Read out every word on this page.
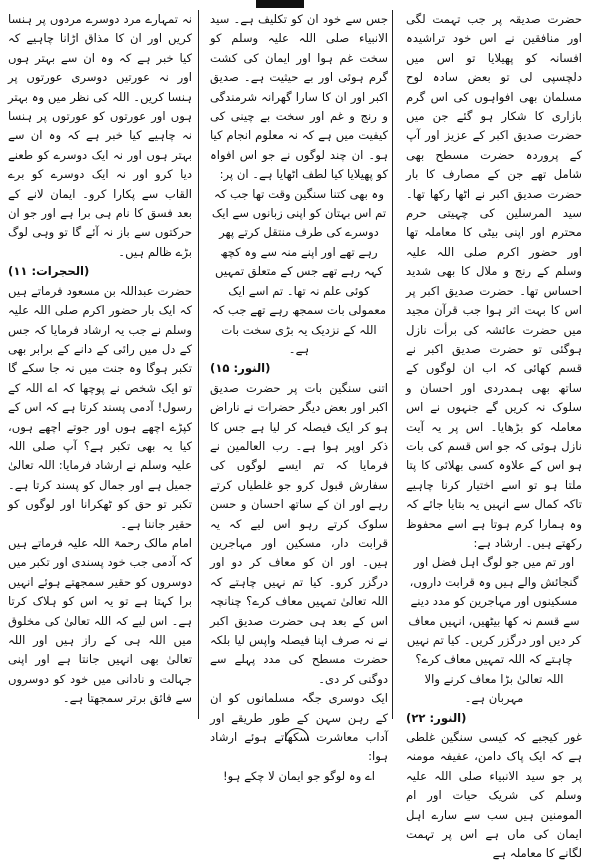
حضرت صدیقہ پر جب تہمت لگی اور منافقین نے اس خود تراشیدہ افسانہ کو پھیلایا تو اس میں دلچسپی لی تو بعض سادہ لوح مسلمان بھی افواہوں کی اس گرم بازاری کا شکار ہو گئے جن میں حضرت صدیق اکبر کے عزیز اور آپ کے پروردہ حضرت مسطح بھی شامل تھے جن کے مصارف کا بار حضرت صدیق اکبر نے اٹھا رکھا تھا۔ سید المرسلین کی چہیتی حرم محترم اور اپنی بیٹی کا معاملہ تھا اور حضور اکرم صلی اللہ علیہ وسلم کے رنج و ملال کا بھی شدید احساس تھا۔ حضرت صدیق اکبر پر اس کا بہت اثر ہوا جب قرآن مجید میں حضرت عائشہ کی برأت نازل ہوگئی تو حضرت صدیق اکبر نے قسم کھائی کہ اب ان لوگوں کے ساتھ بھی ہمدردی اور احسان و سلوک نہ کریں گے جنہوں نے اس معاملہ کو بڑھایا۔ اس پر یہ آیت نازل ہوئی کہ جو اس قسم کی بات ہو اس کے علاوہ کسی بھلائی کا پتا ملتا ہو تو اسے اختیار کرنا چاہیے تاکہ کمال سے انہیں یہ بتایا جائے کہ وہ ہمارا کرم ہوتا ہے اسے محفوظ رکھتے ہیں۔ ارشاد ہے:

اور تم میں جو لوگ اہل فضل اور گنجائش والے ہیں وہ قرابت داروں، مسکینوں اور مہاجرین کو مدد دینے سے قسم نہ کھا بیٹھیں، انہیں معاف کر دیں اور درگزر کریں۔ کیا تم نہیں چاہتے کہ اللہ تمہیں معاف کرے؟ اللہ تعالیٰ بڑا معاف کرنے والا مہربان ہے۔

(النور: ۲۲)

غور کیجیے کہ کیسی سنگین غلطی ہے کہ ایک پاک دامن، عفیفہ مومنہ پر جو سید الانبیاء صلی اللہ علیہ وسلم کی شریک حیات اور ام المومنین ہیں سب سے سارے اہل ایمان کی ماں ہے اس پر تہمت لگانے کا معاملہ ہے

جس سے خود ان کو تکلیف ہے۔ سید الانبیاء صلی اللہ علیہ وسلم کو سخت غم ہوا اور ایمان کی کشت گرم ہوئی اور بے حیثیت ہے۔ صدیق اکبر اور ان کا سارا گھرانہ شرمندگی و رنج و غم اور سخت بے چینی کی کیفیت میں ہے کہ نہ معلوم انجام کیا ہو۔ ان چند لوگوں نے جو اس افواہ کو پھیلایا کیا لطف اٹھایا ہے۔ ان پر:

وہ بھی کتنا سنگین وقت تھا جب کہ تم اس بہتان کو اپنی زبانوں سے ایک دوسرے کی طرف منتقل کرتے پھر رہے تھے اور اپنے منہ سے وہ کچھ کہہ رہے تھے جس کے متعلق تمہیں کوئی علم نہ تھا۔ تم اسے ایک معمولی بات سمجھ رہے تھے جب کہ اللہ کے نزدیک یہ بڑی سخت بات ہے۔

(النور: ۱۵)

اتنی سنگین بات پر حضرت صدیق اکبر اور بعض دیگر حضرات نے ناراض ہو کر ایک فیصلہ کر لیا ہے جس کا ذکر اوپر ہوا ہے۔ رب العالمین نے فرمایا کہ تم ایسے لوگوں کی سفارش قبول کرو جو غلطیاں کرتے رہے اور ان کے ساتھ احسان و حسن سلوک کرتے رہو اس لیے کہ یہ قرابت دار، مسکین اور مہاجرین ہیں۔ اور ان کو معاف کر دو اور درگزر کرو۔ کیا تم نہیں چاہتے کہ اللہ تعالیٰ تمہیں معاف کرے؟ چنانچہ اس کے بعد ہی حضرت صدیق اکبر نے نہ صرف اپنا فیصلہ واپس لیا بلکہ حضرت مسطح کی مدد پہلے سے دوگنی کر دی۔

ایک دوسری جگہ مسلمانوں کو ان کے رہن سہن کے طور طریقے اور آداب معاشرت سکھاتے ہوئے ارشاد ہوا:

اے وہ لوگو جو ایمان لا چکے ہو!

نہ تمہارے مرد دوسرے مردوں پر ہنسا کریں اور ان کا مذاق اڑانا چاہیے کہ کیا خبر ہے کہ وہ ان سے بہتر ہوں اور نہ عورتیں دوسری عورتوں پر ہنسا کریں۔ اللہ کی نظر میں وہ بہتر ہوں اور عورتوں کو عورتوں پر ہنسا نہ چاہیے کیا خبر ہے کہ وہ ان سے بہتر ہوں اور نہ ایک دوسرے کو طعنے دیا کرو اور نہ ایک دوسرے کو برے القاب سے پکارا کرو۔ ایمان لانے کے بعد فسق کا نام ہی برا ہے اور جو ان حرکتوں سے باز نہ آئے گا تو وہی لوگ بڑے ظالم ہیں۔

(الحجرات: ۱۱)

حضرت عبداللہ بن مسعود فرماتے ہیں کہ ایک بار حضور اکرم صلی اللہ علیہ وسلم نے جب یہ ارشاد فرمایا کہ جس کے دل میں رائی کے دانے کے برابر بھی تکبر ہوگا وہ جنت میں نہ جا سکے گا تو ایک شخص نے پوچھا کہ اے اللہ کے رسول! آدمی پسند کرتا ہے کہ اس کے کپڑے اچھے ہوں اور جوتے اچھے ہوں، کیا یہ بھی تکبر ہے؟ آپ صلی اللہ علیہ وسلم نے ارشاد فرمایا: اللہ تعالیٰ جمیل ہے اور جمال کو پسند کرتا ہے۔ تکبر تو حق کو ٹھکرانا اور لوگوں کو حقیر جاننا ہے۔

امام مالک رحمۃ اللہ علیہ فرماتے ہیں کہ آدمی جب خود پسندی اور تکبر میں دوسروں کو حقیر سمجھتے ہوئے انہیں برا کہتا ہے تو یہ اس کو ہلاک کرتا ہے۔ اس لیے کہ اللہ تعالیٰ کی مخلوق میں اللہ ہی کے راز ہیں اور اللہ تعالیٰ بھی انہیں جانتا ہے اور اپنی جہالت و نادانی میں خود کو دوسروں سے فائق برتر سمجھتا ہے۔
